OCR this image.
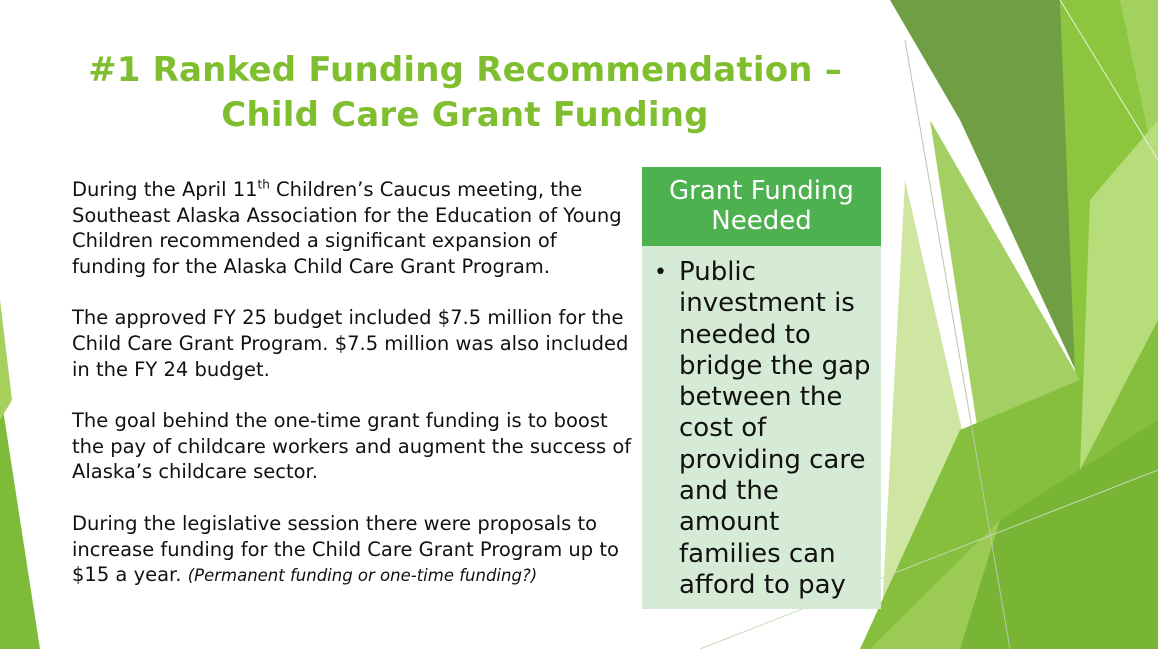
#1 Ranked Funding Recommendation –
Child Care Grant Funding

During the April 11th Children’s Caucus meeting, the Southeast Alaska Association for the Education of Young Children recommended a significant expansion of funding for the Alaska Child Care Grant Program.

The approved FY 25 budget included $7.5 million for the Child Care Grant Program. $7.5 million was also included in the FY 24 budget.

The goal behind the one-time grant funding is to boost the pay of childcare workers and augment the success of Alaska’s childcare sector.

During the legislative session there were proposals to increase funding for the Child Care Grant Program up to $15 a year. (Permanent funding or one-time funding?)

Grant Funding
Needed
• Public investment is needed to bridge the gap between the cost of providing care and the amount families can afford to pay
